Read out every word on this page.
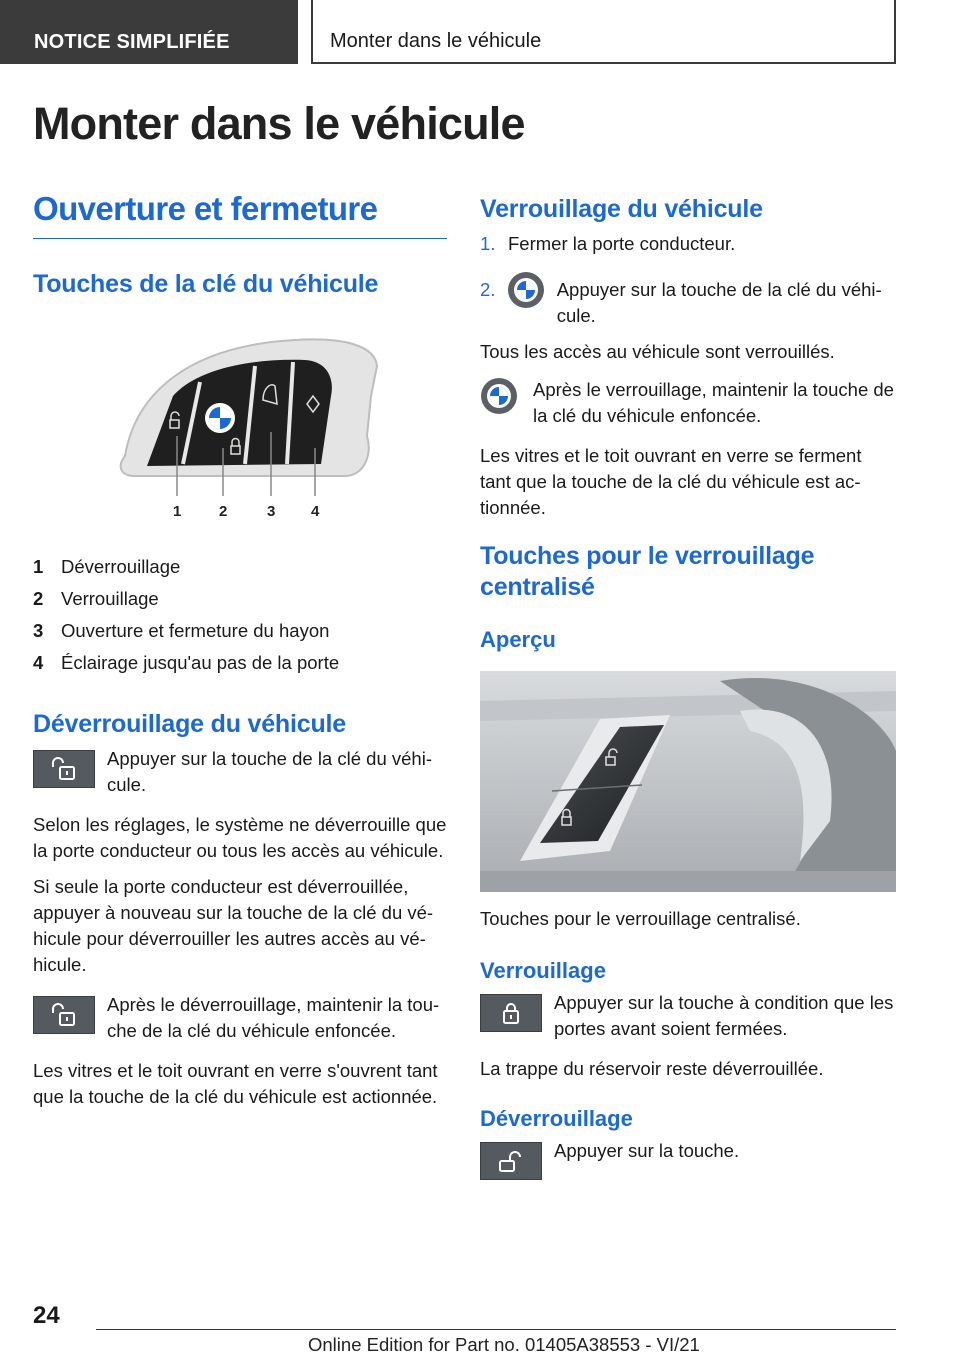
NOTICE SIMPLIFIÉE	Monter dans le véhicule
Monter dans le véhicule
Ouverture et fermeture
Touches de la clé du véhicule
1	2	3 4
1 Déverrouillage
2 Verrouillage
3 Ouverture et fermeture du hayon
4 Éclairage jusqu'au pas de la porte
Déverrouillage du véhicule

Appuyer sur la touche de la clé du véhicule.

Selon les réglages, le système ne déverrouille que la porte conducteur ou tous les accès au véhicule.

Si seule la porte conducteur est déverrouillée, appuyer à nouveau sur la touche de la clé du véhicule pour déverrouiller les autres accès au véhicule.

Après le déverrouillage, maintenir la touche de la clé du véhicule enfoncée.

Les vitres et le toit ouvrant en verre s'ouvrent tant que la touche de la clé du véhicule est actionnée.

Verrouillage du véhicule
1. Fermer la porte conducteur.
2.	Appuyer sur la touche de la clé du véhicule.

Tous les accès au véhicule sont verrouillés.

Après le verrouillage, maintenir la touche de la clé du véhicule enfoncée.

Les vitres et le toit ouvrant en verre se ferment tant que la touche de la clé du véhicule est actionnée.

Touches pour le verrouillage centralisé
Aperçu

Touches pour le verrouillage centralisé.

Verrouillage

Appuyer sur la touche à condition que les portes avant soient fermées.

La trappe du réservoir reste déverrouillée.

Déverrouillage

Appuyer sur la touche.

24
Online Edition for Part no. 01405A38553 - VI/21
